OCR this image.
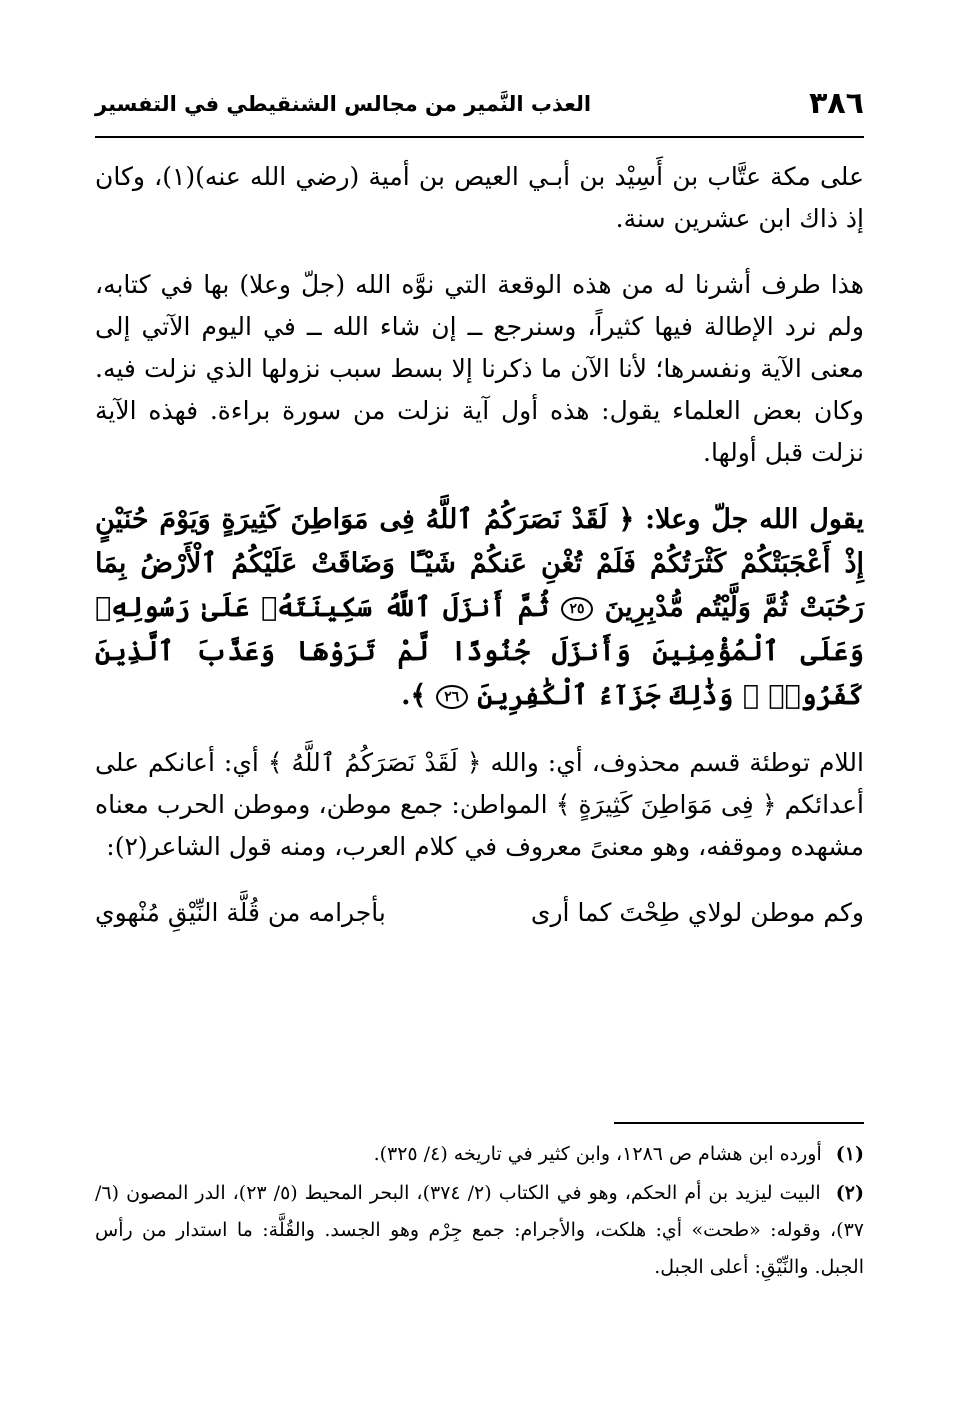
٣٨٦
العذب النَّمير من مجالس الشنقيطي في التفسير

على مكة عتَّاب بن أَسِيْد بن أبـي العيص بن أمية (رضي الله عنه)(١)، وكان إذ ذاك ابن عشرين سنة.

هذا طرف أشرنا له من هذه الوقعة التي نوَّه الله (جلّ وعلا) بها في كتابه، ولم نرد الإطالة فيها كثيراً، وسنرجع ــ إن شاء الله ــ في اليوم الآتي إلى معنى الآية ونفسرها؛ لأنا الآن ما ذكرنا إلا بسط سبب نزولها الذي نزلت فيه. وكان بعض العلماء يقول: هذه أول آية نزلت من سورة براءة. فهذه الآية نزلت قبل أولها.

يقول الله جلّ وعلا: ﴿ لَقَدْ نَصَرَكُمُ ٱللَّهُ فِى مَوَاطِنَ كَثِيرَةٍ وَيَوْمَ حُنَيْنٍ إِذْ أَعْجَبَتْكُمْ كَثْرَتُكُمْ فَلَمْ تُغْنِ عَنكُمْ شَيْـًٔا وَضَاقَتْ عَلَيْكُمُ ٱلْأَرْضُ بِمَا رَحُبَتْ ثُمَّ وَلَّيْتُم مُّدْبِرِينَ ٢٥ ثُمَّ أَنزَلَ ٱللَّهُ سَكِينَتَهُۥ عَلَىٰ رَسُولِهِۦ وَعَلَى ٱلْمُؤْمِنِينَ وَأَنزَلَ جُنُودًا لَّمْ تَرَوْهَا وَعَذَّبَ ٱلَّذِينَ كَفَرُوا۟ ۚ وَذَٰلِكَ جَزَآءُ ٱلْكَٰفِرِينَ ٢٦ ﴾.

اللام توطئة قسم محذوف، أي: والله ﴿ لَقَدْ نَصَرَكُمُ ٱللَّهُ ﴾ أي: أعانكم على أعدائكم ﴿ فِى مَوَاطِنَ كَثِيرَةٍ ﴾ المواطن: جمع موطن، وموطن الحرب معناه مشهده وموقفه، وهو معنىً معروف في كلام العرب، ومنه قول الشاعر(٢):

وكم موطن لولاي طِحْتَ كما أرى
بأجرامه من قُلَّة النِّيْقِ مُنْهوي
(١) أورده ابن هشام ص ١٢٨٦، وابن كثير في تاريخه (٤/ ٣٢٥).
(٢) البيت ليزيد بن أم الحكم، وهو في الكتاب (٢/ ٣٧٤)، البحر المحيط (٥/ ٢٣)، الدر المصون (٦/ ٣٧)، وقوله: «طحت» أي: هلكت، والأجرام: جمع جِرْم وهو الجسد. والقُلَّة: ما استدار من رأس الجبل. والنِّيْقِ: أعلى الجبل.
